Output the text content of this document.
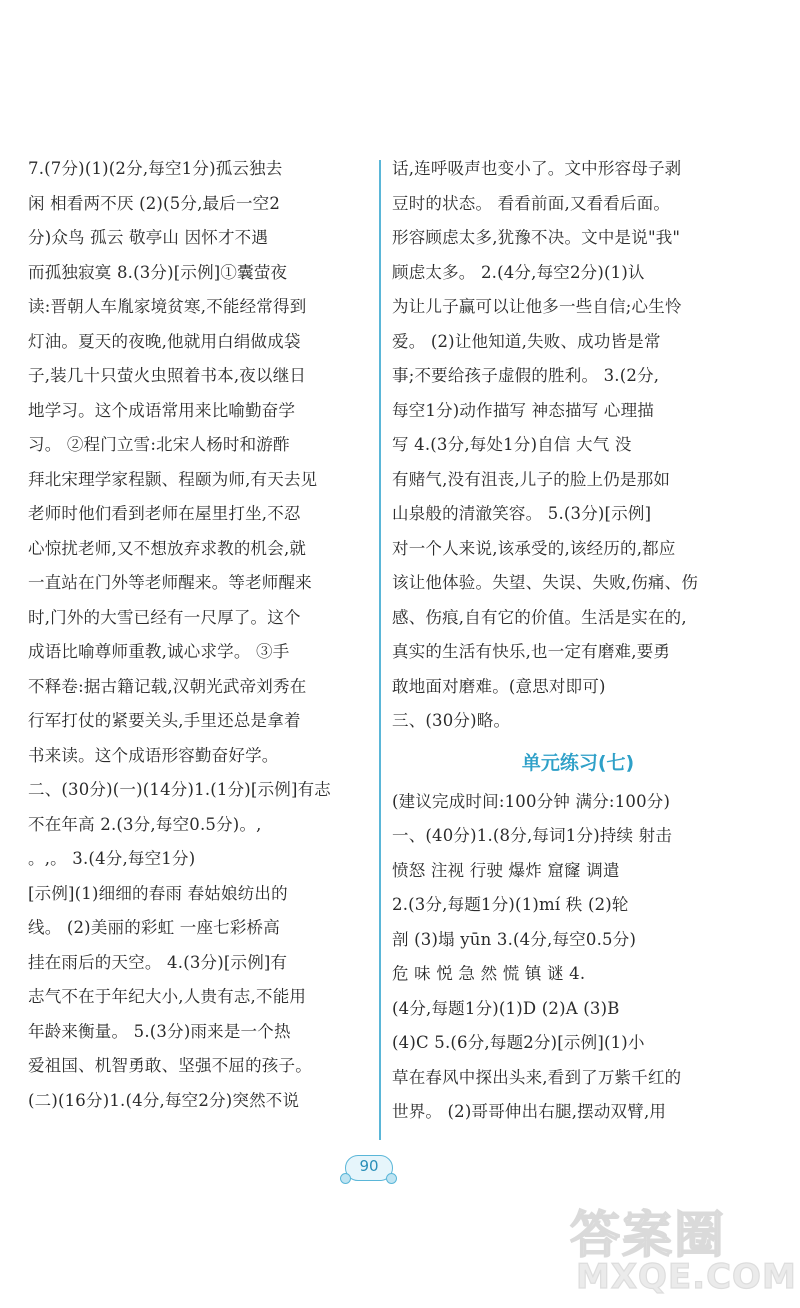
7.(7分)(1)(2分,每空1分)孤云独去
闲 相看两不厌 (2)(5分,最后一空2
分)众鸟 孤云 敬亭山 因怀才不遇
而孤独寂寞 8.(3分)[示例]①囊萤夜
读:晋朝人车胤家境贫寒,不能经常得到
灯油。夏天的夜晚,他就用白绢做成袋
子,装几十只萤火虫照着书本,夜以继日
地学习。这个成语常用来比喻勤奋学
习。 ②程门立雪:北宋人杨时和游酢
拜北宋理学家程颢、程颐为师,有天去见
老师时他们看到老师在屋里打坐,不忍
心惊扰老师,又不想放弃求教的机会,就
一直站在门外等老师醒来。等老师醒来
时,门外的大雪已经有一尺厚了。这个
成语比喻尊师重教,诚心求学。 ③手
不释卷:据古籍记载,汉朝光武帝刘秀在
行军打仗的紧要关头,手里还总是拿着
书来读。这个成语形容勤奋好学。
二、(30分)(一)(14分)1.(1分)[示例]有志
不在年高 2.(3分,每空0.5分)。,
。,。 3.(4分,每空1分)
[示例](1)细细的春雨 春姑娘纺出的
线。 (2)美丽的彩虹 一座七彩桥高
挂在雨后的天空。 4.(3分)[示例]有
志气不在于年纪大小,人贵有志,不能用
年龄来衡量。 5.(3分)雨来是一个热
爱祖国、机智勇敢、坚强不屈的孩子。
(二)(16分)1.(4分,每空2分)突然不说
话,连呼吸声也变小了。文中形容母子剥
豆时的状态。 看看前面,又看看后面。
形容顾虑太多,犹豫不决。文中是说"我"
顾虑太多。 2.(4分,每空2分)(1)认
为让儿子赢可以让他多一些自信;心生怜
爱。 (2)让他知道,失败、成功皆是常
事;不要给孩子虚假的胜利。 3.(2分,
每空1分)动作描写 神态描写 心理描
写 4.(3分,每处1分)自信 大气 没
有赌气,没有沮丧,儿子的脸上仍是那如
山泉般的清澈笑容。 5.(3分)[示例]
对一个人来说,该承受的,该经历的,都应
该让他体验。失望、失误、失败,伤痛、伤
感、伤痕,自有它的价值。生活是实在的,
真实的生活有快乐,也一定有磨难,要勇
敢地面对磨难。(意思对即可)
三、(30分)略。
单元练习(七)
(建议完成时间:100分钟 满分:100分)
一、(40分)1.(8分,每词1分)持续 射击
愤怒 注视 行驶 爆炸 窟窿 调遣
2.(3分,每题1分)(1)mí 秩 (2)轮
剖 (3)塌 yūn 3.(4分,每空0.5分)
危 味 悦 急 然 慌 镇 谜 4.
(4分,每题1分)(1)D (2)A (3)B
(4)C 5.(6分,每题2分)[示例](1)小
草在春风中探出头来,看到了万紫千红的
世界。 (2)哥哥伸出右腿,摆动双臂,用
90
答案圈
MXQE.COM
